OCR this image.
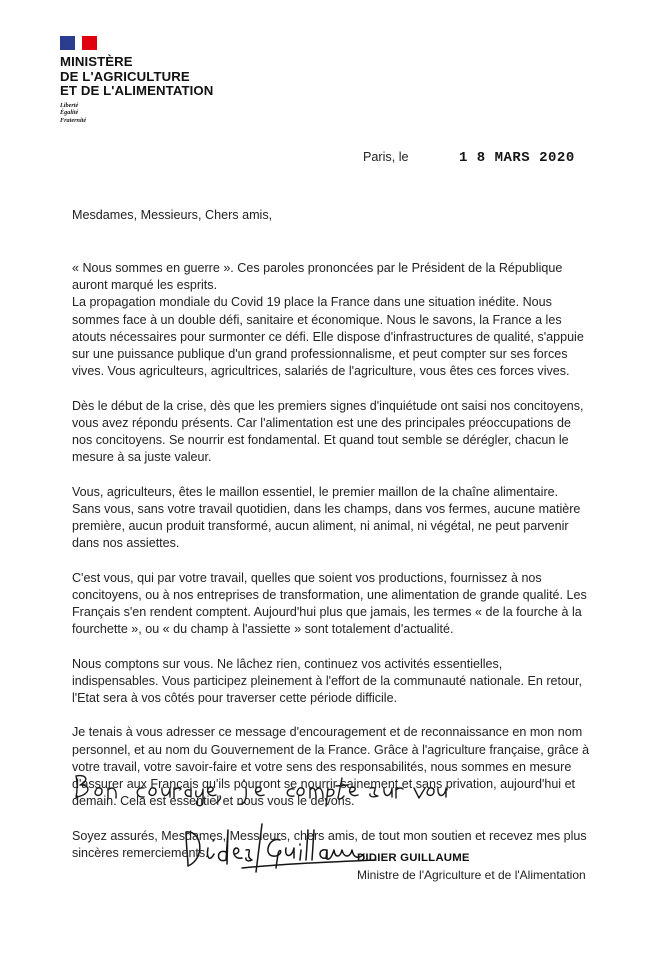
MINISTÈRE
DE L'AGRICULTURE
ET DE L'ALIMENTATION
Liberté
Égalité
Fraternité
Paris, le	1 8 MARS 2020
Mesdames, Messieurs, Chers amis,

« Nous sommes en guerre ». Ces paroles prononcées par le Président de la République auront marqué les esprits.
La propagation mondiale du Covid 19 place la France dans une situation inédite. Nous sommes face à un double défi, sanitaire et économique. Nous le savons, la France a les atouts nécessaires pour surmonter ce défi. Elle dispose d'infrastructures de qualité, s'appuie sur une puissance publique d'un grand professionnalisme, et peut compter sur ses forces vives. Vous agriculteurs, agricultrices, salariés de l'agriculture, vous êtes ces forces vives.

Dès le début de la crise, dès que les premiers signes d'inquiétude ont saisi nos concitoyens, vous avez répondu présents. Car l'alimentation est une des principales préoccupations de nos concitoyens. Se nourrir est fondamental. Et quand tout semble se dérégler, chacun le mesure à sa juste valeur.

Vous, agriculteurs, êtes le maillon essentiel, le premier maillon de la chaîne alimentaire.
Sans vous, sans votre travail quotidien, dans les champs, dans vos fermes, aucune matière première, aucun produit transformé, aucun aliment, ni animal, ni végétal, ne peut parvenir dans nos assiettes.

C'est vous, qui par votre travail, quelles que soient vos productions, fournissez à nos concitoyens, ou à nos entreprises de transformation, une alimentation de grande qualité. Les Français s'en rendent comptent. Aujourd'hui plus que jamais, les termes « de la fourche à la fourchette », ou « du champ à l'assiette » sont totalement d'actualité.

Nous comptons sur vous. Ne lâchez rien, continuez vos activités essentielles, indispensables. Vous participez pleinement à l'effort de la communauté nationale. En retour, l'Etat sera à vos côtés pour traverser cette période difficile.

Je tenais à vous adresser ce message d'encouragement et de reconnaissance en mon nom personnel, et au nom du Gouvernement de la France. Grâce à l'agriculture française, grâce à votre travail, votre savoir-faire et votre sens des responsabilités, nous sommes en mesure d'assurer aux Français qu'ils pourront se nourrir sainement et sans privation, aujourd'hui et demain. Cela est essentiel et nous vous le devons.

Soyez assurés, Mesdames, Messieurs, chers amis, de tout mon soutien et recevez mes plus sincères remerciements.	DIDIER GUILLAUME
Ministre de l'Agriculture et de l'Alimentation
